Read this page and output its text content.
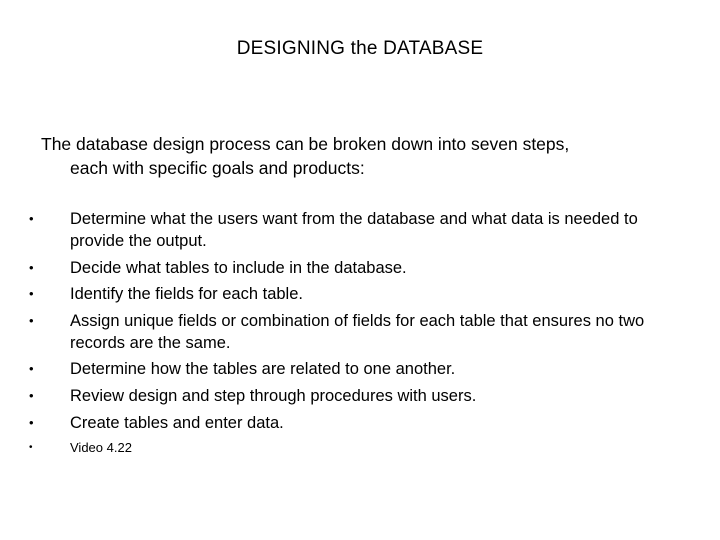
DESIGNING the DATABASE
The database design process can be broken down into seven steps,
each with specific goals and products:
• Determine what the users want from the database and what data is needed to provide the output.
• Decide what tables to include in the database.
• Identify the fields for each table.
• Assign unique fields or combination of fields for each table that ensures no two records are the same.
• Determine how the tables are related to one another.
• Review design and step through procedures with users.
• Create tables and enter data.
•	Video 4.22
